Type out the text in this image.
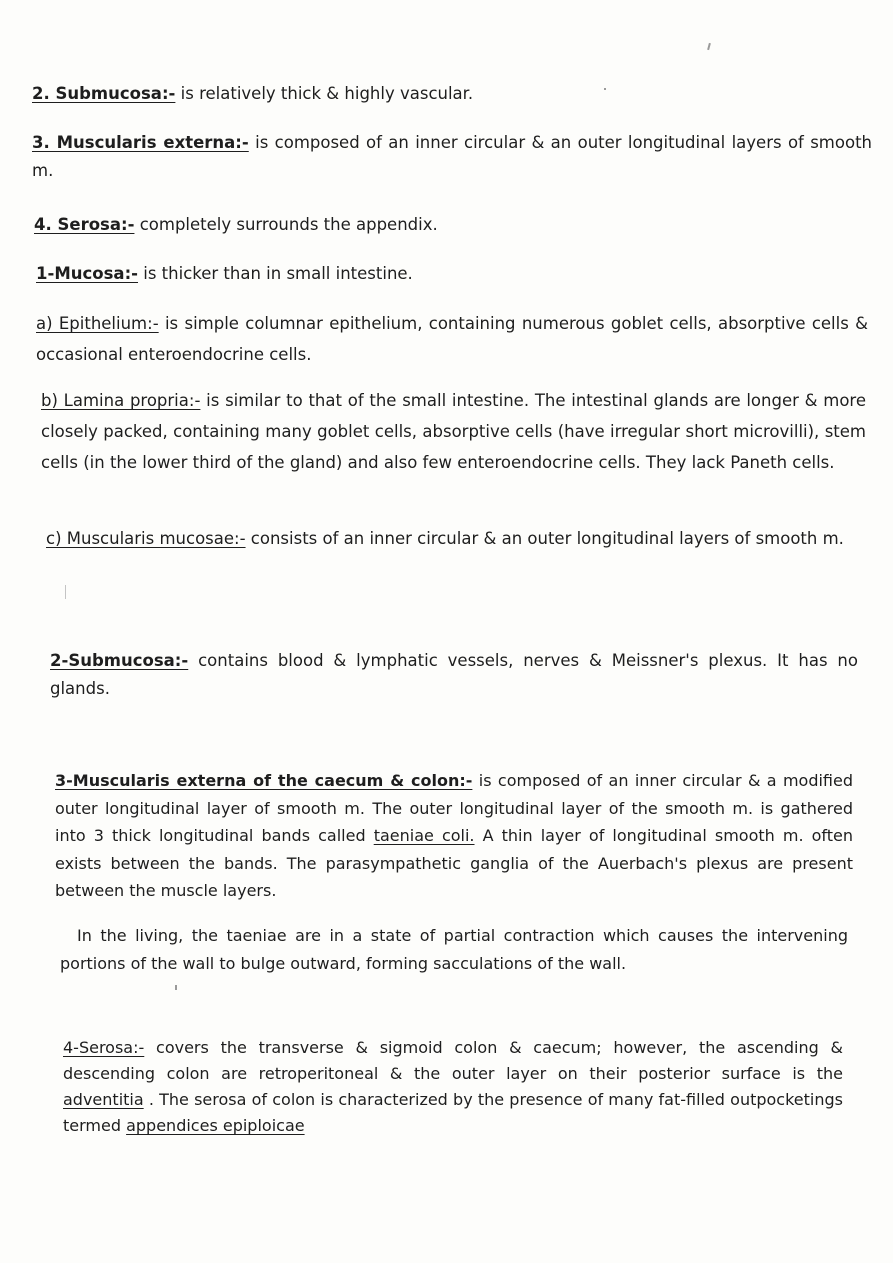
2. Submucosa:- is relatively thick & highly vascular.

3. Muscularis externa:- is composed of an inner circular & an outer longitudinal layers of smooth m.

4. Serosa:- completely surrounds the appendix.

1-Mucosa:- is thicker than in small intestine.

a) Epithelium:- is simple columnar epithelium, containing numerous goblet cells, absorptive cells & occasional enteroendocrine cells.

b) Lamina propria:- is similar to that of the small intestine. The intestinal glands are longer & more closely packed, containing many goblet cells, absorptive cells (have irregular short microvilli), stem cells (in the lower third of the gland) and also few enteroendocrine cells. They lack Paneth cells.

c) Muscularis mucosae:- consists of an inner circular & an outer longitudinal layers of smooth m.

2-Submucosa:- contains blood & lymphatic vessels, nerves & Meissner's plexus. It has no glands.

3-Muscularis externa of the caecum & colon:- is composed of an inner circular & a modified outer longitudinal layer of smooth m. The outer longitudinal layer of the smooth m. is gathered into 3 thick longitudinal bands called taeniae coli. A thin layer of longitudinal smooth m. often exists between the bands. The parasympathetic ganglia of the Auerbach's plexus are present between the muscle layers.

In the living, the taeniae are in a state of partial contraction which causes the intervening portions of the wall to bulge outward, forming sacculations of the wall.

4-Serosa:- covers the transverse & sigmoid colon & caecum; however, the ascending & descending colon are retroperitoneal & the outer layer on their posterior surface is the adventitia . The serosa of colon is characterized by the presence of many fat-filled outpocketings termed appendices epiploicae
